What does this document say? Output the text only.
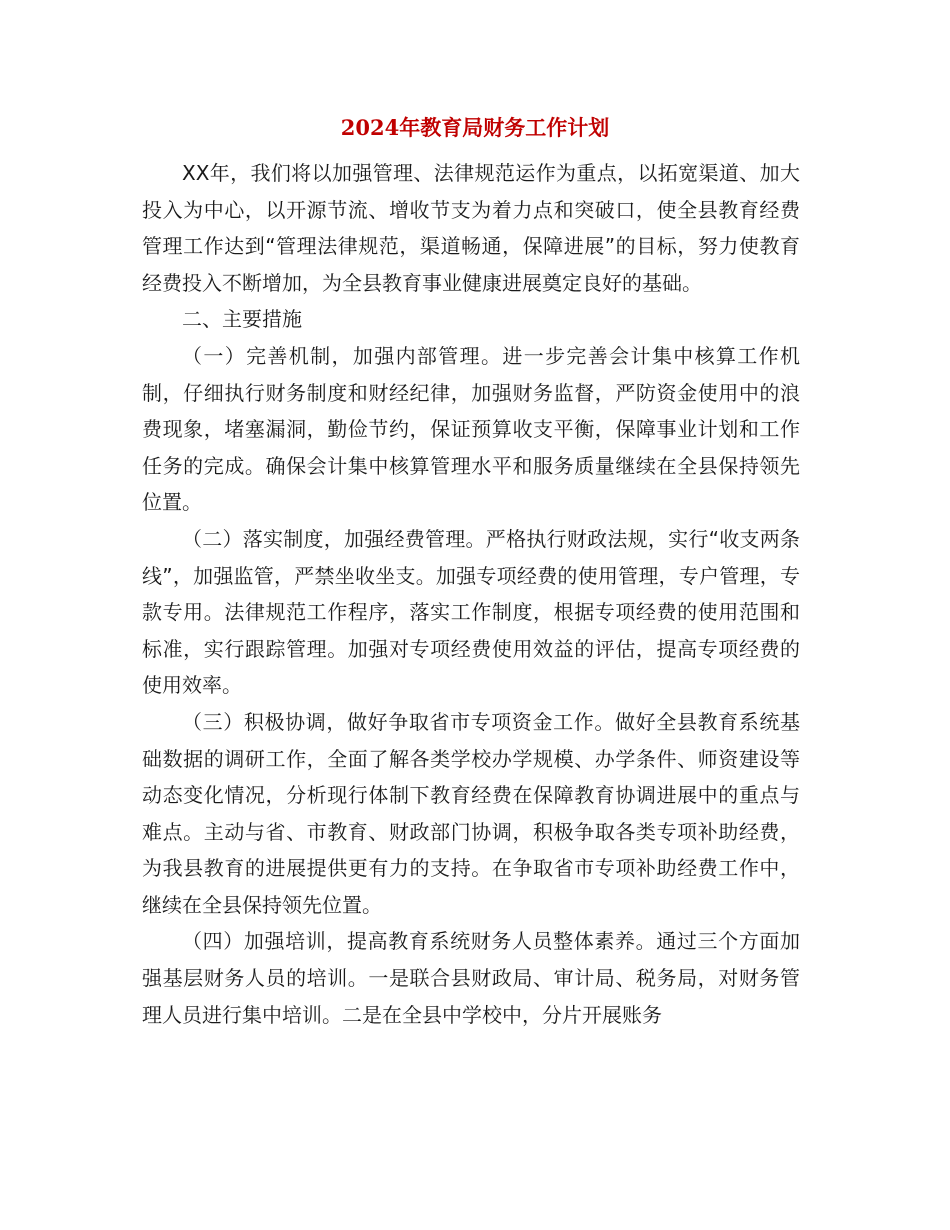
2024年教育局财务工作计划

XX年，我们将以加强管理、法律规范运作为重点，以拓宽渠道、加大投入为中心，以开源节流、增收节支为着力点和突破口，使全县教育经费管理工作达到“管理法律规范，渠道畅通，保障进展”的目标，努力使教育经费投入不断增加，为全县教育事业健康进展奠定良好的基础。

二、主要措施

（一）完善机制，加强内部管理。进一步完善会计集中核算工作机制，仔细执行财务制度和财经纪律，加强财务监督，严防资金使用中的浪费现象，堵塞漏洞，勤俭节约，保证预算收支平衡，保障事业计划和工作任务的完成。确保会计集中核算管理水平和服务质量继续在全县保持领先位置。

（二）落实制度，加强经费管理。严格执行财政法规，实行“收支两条线”，加强监管，严禁坐收坐支。加强专项经费的使用管理，专户管理，专款专用。法律规范工作程序，落实工作制度，根据专项经费的使用范围和标准，实行跟踪管理。加强对专项经费使用效益的评估，提高专项经费的使用效率。

（三）积极协调，做好争取省市专项资金工作。做好全县教育系统基础数据的调研工作，全面了解各类学校办学规模、办学条件、师资建设等动态变化情况，分析现行体制下教育经费在保障教育协调进展中的重点与难点。主动与省、市教育、财政部门协调，积极争取各类专项补助经费，为我县教育的进展提供更有力的支持。在争取省市专项补助经费工作中，继续在全县保持领先位置。

（四）加强培训，提高教育系统财务人员整体素养。通过三个方面加强基层财务人员的培训。一是联合县财政局、审计局、税务局，对财务管理人员进行集中培训。二是在全县中学校中，分片开展账务
